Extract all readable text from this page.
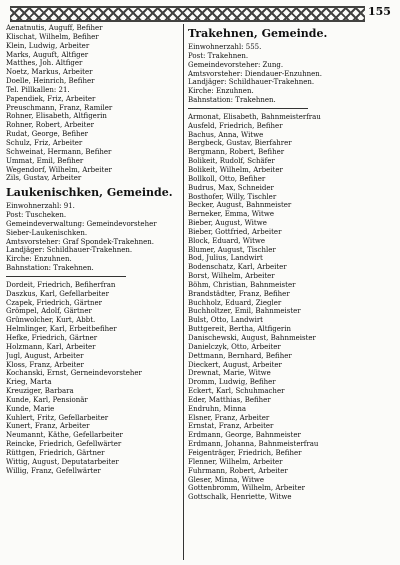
155
Aenatnutis, Auguff, Befiher
Klischat, Wilhelm, Befiher
Klein, Ludwig, Arbeiter
Marks, Auguft, Altfiger
Matthes, Joh. Altfiger
Noetz, Markus, Arbeiter
Doelle, Heinrich, Befiher
Tel. Pillkallen: 21.
Papendiek, Friz, Arbeiter
Preuschmann, Franz, Ramiler
Rohner, Elisabeth, Altfigerin
Rohner, Robert, Arbeiter
Rudat, George, Befiher
Schulz, Friz, Arbeiter
Schweinat, Hermann, Befiher
Ummat, Emil, Befiher
Wegendorf, Wilhelm, Arbeiter
Zils, Gustav, Arbeiter
Laukenischken, Gemeinde.
Einwohnerzahl: 91.
Post: Tuscheken.
Gemeindeverwaltung: Gemeindevorsteher
Sieber-Laukenischken.
Amtsvorsteher: Graf Spondek-Trakehnen.
Landjäger: Schildhauer-Trakehnen.
Kirche: Enzuhnen.
Bahnstation: Trakehnen.
Dordeit, Friedrich, Befiherfran
Daszkus, Karl, Gefellarbeiter
Czapek, Friedrich, Gärtner
Grömpel, Adolf, Gärtner
Grünwolcher, Kurt, Abbt.
Helmlinger, Karl, Erbeitbefiher
Hefke, Friedrich, Gärtner
Holzmann, Karl, Arbeiter
Jugl, August, Arbeiter
Kloss, Franz, Arbeiter
Kochanski, Ernst, Gerneindevorsteher
Krieg, Marta
Kreuziger, Barbara
Kunde, Karl, Pensionär
Kunde, Marie
Kuhlert, Fritz, Gefellarbeiter
Kunert, Franz, Arbeiter
Neumannt, Käthe, Gefellarbeiter
Reincke, Friedrich, Gefellwärter
Rüttgen, Friedrich, Gärtner
Wittig, August, Deputatarbeiter
Willig, Franz, Gefellwärter
Trakehnen, Gemeinde.
Einwohnerzahl: 555.
Post: Trakehnen.
Gemeindevorsteher: Zung.
Amtsvorsteher: Diendauer-Enzuhnen.
Landjäger: Schildhauer-Trakehnen.
Kirche: Enzuhnen.
Bahnstation: Trakehnen.
Armonat, Elisabeth, Bahnmeisterfrau
Ausfeld, Friedrich, Befiher
Bachus, Anna, Witwe
Bergbeck, Gustav, Bierfahrer
Bergmann, Robert, Befiher
Bolikeit, Rudolf, Schäfer
Bolikeit, Wilhelm, Arbeiter
Bollkoll, Otto, Befiher
Budrus, Max, Schneider
Bosthofer, Willy, Tischler
Becker, August, Bahnmeister
Berneker, Emma, Witwe
Bieber, August, Witwe
Bieber, Gottfried, Arbeiter
Block, Eduard, Witwe
Blumer, August, Tischler
Bod, Julius, Landwirt
Bodenschatz, Karl, Arbeiter
Borst, Wilhelm, Arbeiter
Böhm, Christian, Bahnmeister
Brandstädter, Franz, Befiher
Buchholz, Eduard, Ziegler
Buchholtzer, Emil, Bahnmeister
Bulst, Otto, Landwirt
Buttgereit, Bertha, Altfigerin
Danischewski, August, Bahnmeister
Danielczyk, Otto, Arbeiter
Dettmann, Bernhard, Befiher
Dieckert, August, Arbeiter
Drewnat, Marie, Witwe
Dromm, Ludwig, Befiher
Eckert, Karl, Schuhmacher
Eder, Matthias, Befiher
Endruhn, Minna
Elsner, Franz, Arbeiter
Ernstat, Franz, Arbeiter
Erdmann, George, Bahnmeister
Erdmann, Johanna, Bahnmeisterfrau
Feigenträger, Friedrich, Befiher
Flenner, Wilhelm, Arbeiter
Fuhrmann, Robert, Arbeiter
Gleser, Minna, Witwe
Gottenbromm, Wilhelm, Arbeiter
Gottschalk, Henriette, Witwe
